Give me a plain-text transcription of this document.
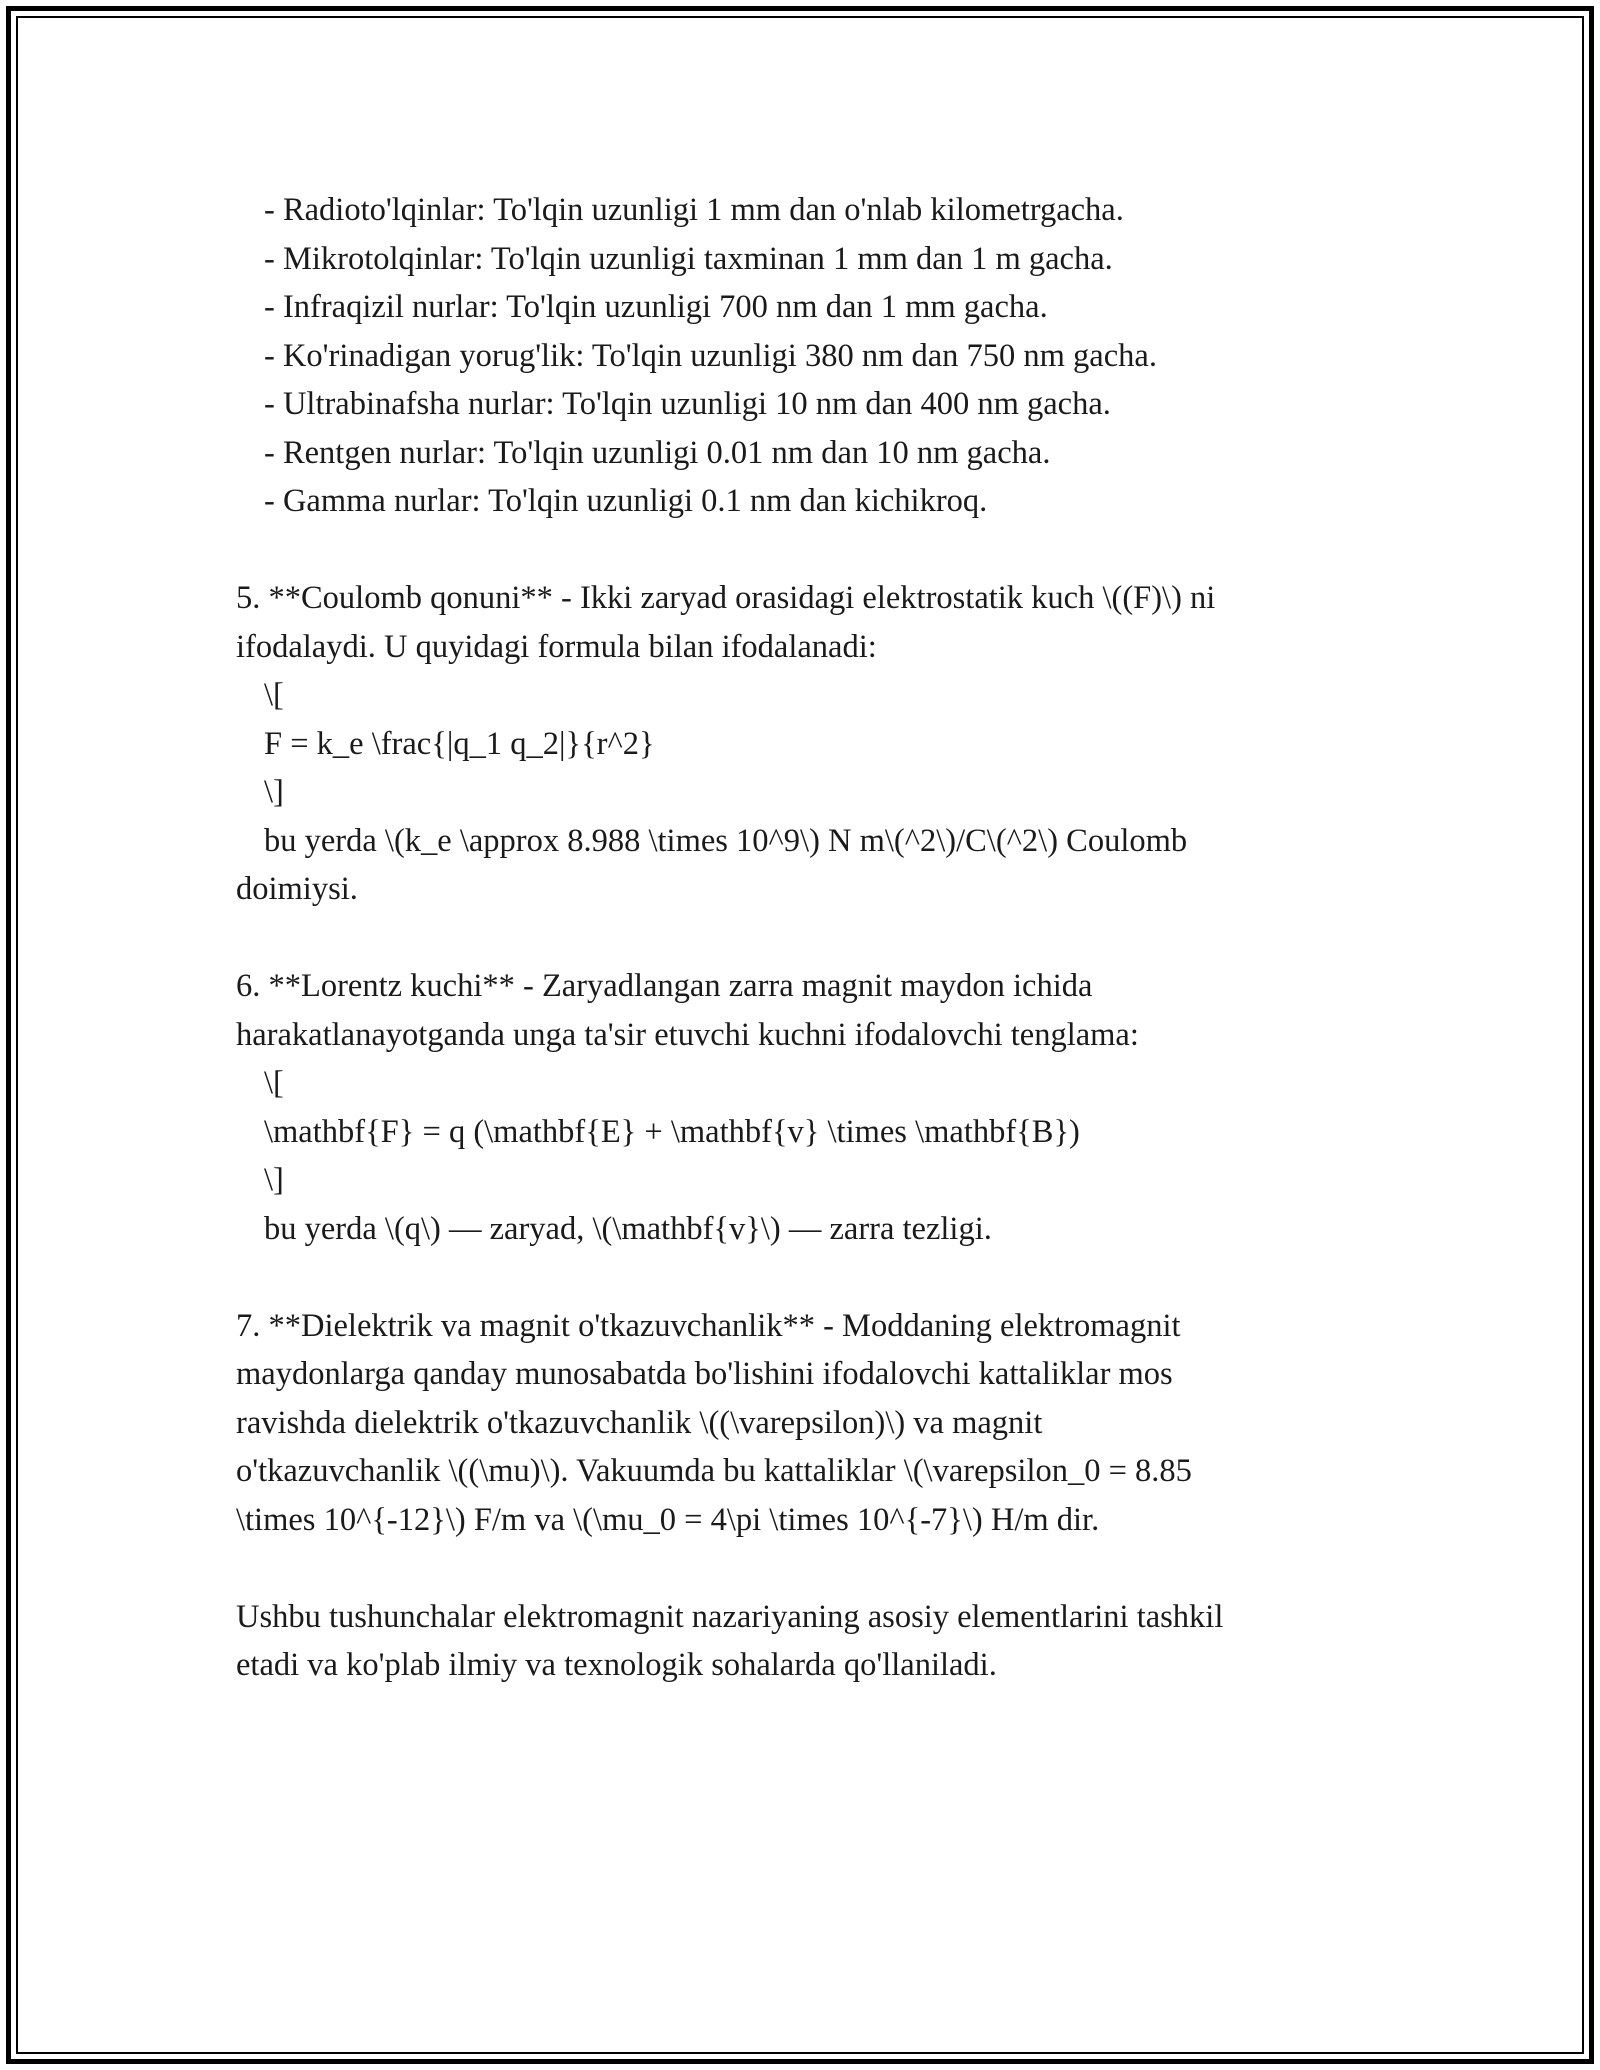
- Radioto'lqinlar: To'lqin uzunligi 1 mm dan o'nlab kilometrgacha.
- Mikrotolqinlar: To'lqin uzunligi taxminan 1 mm dan 1 m gacha.
- Infraqizil nurlar: To'lqin uzunligi 700 nm dan 1 mm gacha.
- Ko'rinadigan yorug'lik: To'lqin uzunligi 380 nm dan 750 nm gacha.
- Ultrabinafsha nurlar: To'lqin uzunligi 10 nm dan 400 nm gacha.
- Rentgen nurlar: To'lqin uzunligi 0.01 nm dan 10 nm gacha.
- Gamma nurlar: To'lqin uzunligi 0.1 nm dan kichikroq.
5. **Coulomb qonuni** - Ikki zaryad orasidagi elektrostatik kuch \((F)\) ni
ifodalaydi. U quyidagi formula bilan ifodalanadi:
\[
F = k_e \frac{|q_1 q_2|}{r^2}
\]
bu yerda \(k_e \approx 8.988 \times 10^9\) N m\(^2\)/C\(^2\) Coulomb
doimiysi.
6. **Lorentz kuchi** - Zaryadlangan zarra magnit maydon ichida
harakatlanayotganda unga ta'sir etuvchi kuchni ifodalovchi tenglama:
\[
\mathbf{F} = q (\mathbf{E} + \mathbf{v} \times \mathbf{B})
\]
bu yerda \(q\) — zaryad, \(\mathbf{v}\) — zarra tezligi.
7. **Dielektrik va magnit o'tkazuvchanlik** - Moddaning elektromagnit
maydonlarga qanday munosabatda bo'lishini ifodalovchi kattaliklar mos
ravishda dielektrik o'tkazuvchanlik \((\varepsilon)\) va magnit
o'tkazuvchanlik \((\mu)\). Vakuumda bu kattaliklar \(\varepsilon_0 = 8.85
\times 10^{-12}\) F/m va \(\mu_0 = 4\pi \times 10^{-7}\) H/m dir.
Ushbu tushunchalar elektromagnit nazariyaning asosiy elementlarini tashkil
etadi va ko'plab ilmiy va texnologik sohalarda qo'llaniladi.
